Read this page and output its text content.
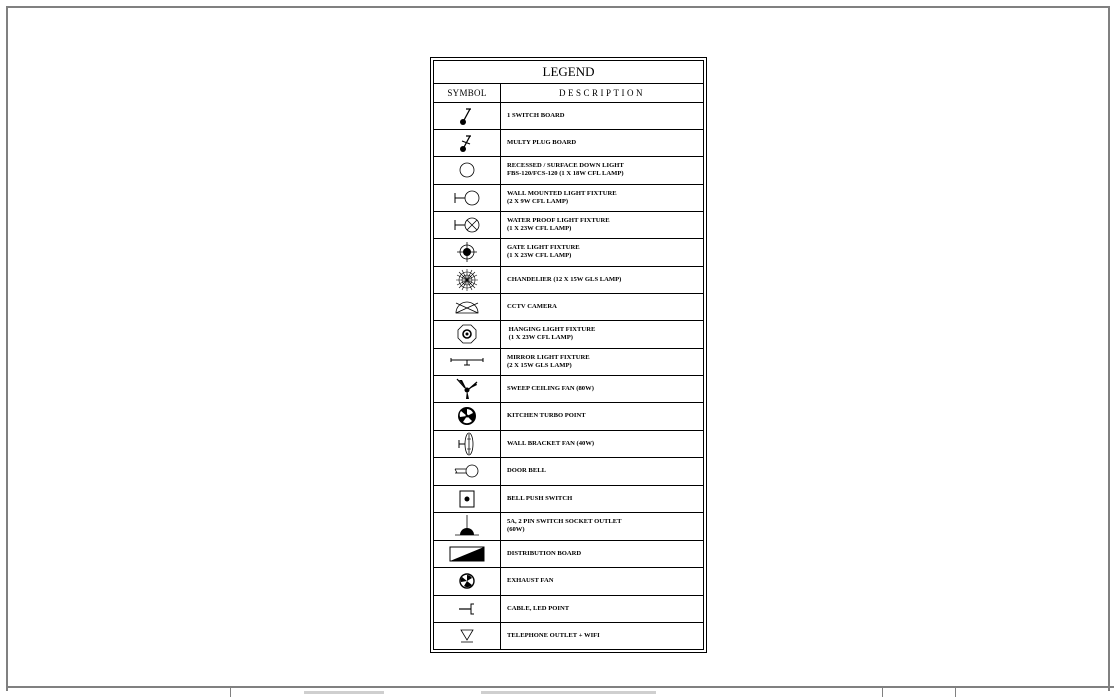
LEGEND
SYMBOL	DESCRIPTION
1 SWITCH BOARD
MULTY PLUG BOARD
RECESSED / SURFACE DOWN LIGHT
FBS-120/FCS-120 (1 X 18W CFL LAMP)
WALL MOUNTED LIGHT FIXTURE
(2 X 9W CFL LAMP)
WATER PROOF LIGHT FIXTURE
(1 X 23W CFL LAMP)
GATE LIGHT FIXTURE
(1 X 23W CFL LAMP)
CHANDELIER (12 X 15W GLS LAMP)
CCTV CAMERA
HANGING LIGHT FIXTURE
(1 X 23W CFL LAMP)
MIRROR LIGHT FIXTURE
(2 X 15W GLS LAMP)
SWEEP CEILING FAN (80W)
KITCHEN TURBO POINT
WALL BRACKET FAN (40W)
DOOR BELL
BELL PUSH SWITCH
5A, 2 PIN SWITCH SOCKET OUTLET
(60W)
DISTRIBUTION BOARD
EXHAUST FAN
CABLE, LED POINT
TELEPHONE OUTLET + WIFI
